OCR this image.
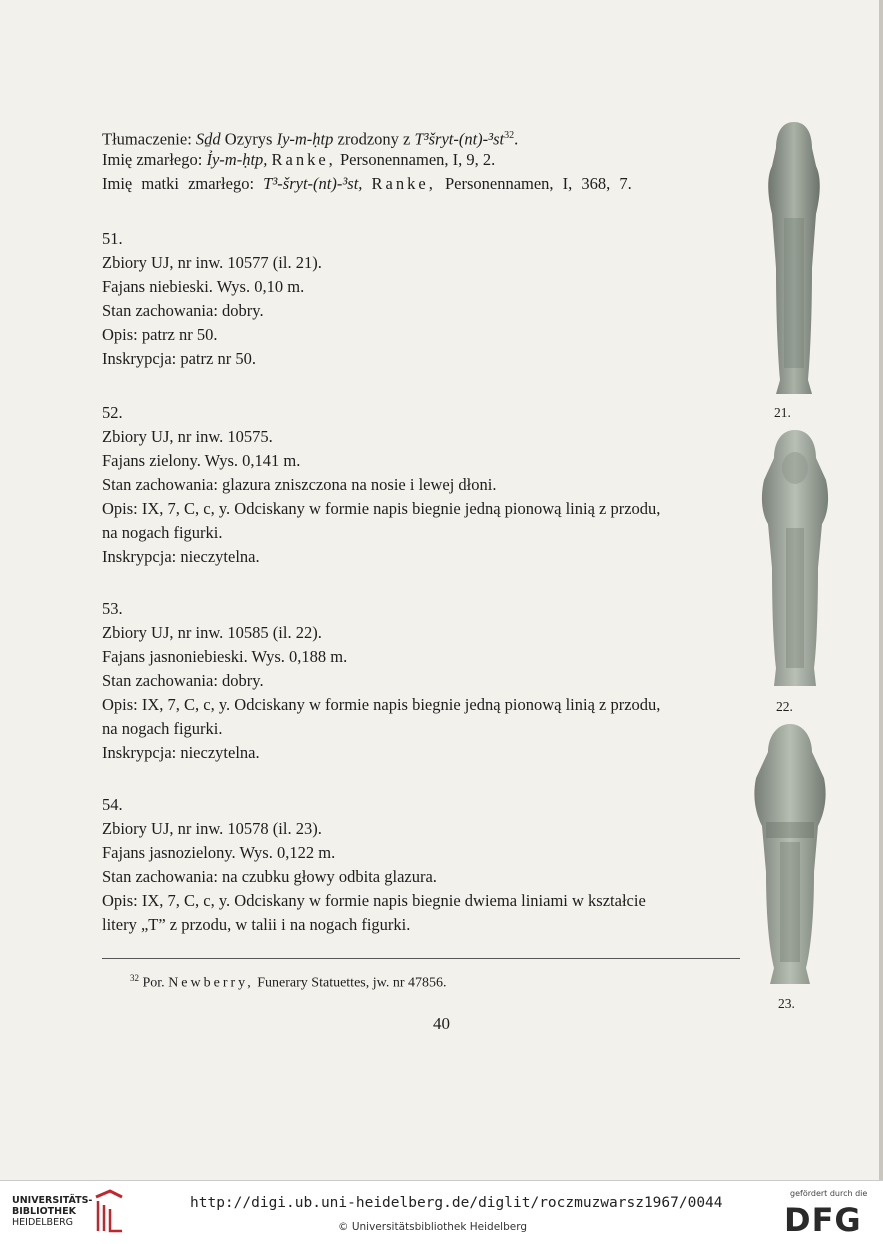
Tłumaczenie: Sḏd Ozyrys Iy-m-ḥtp zrodzony z T³šryt-$(nt)-^3st^{32}$.
Imię zmarłego: Ỉy-m-ḥtp, Ranke, Personennamen, I, 9, 2.
Imię matki zmarłego: T³-šryt-(nt)-³st, Ranke, Personennamen, I, 368, 7.
51.
Zbiory UJ, nr inw. 10577 (il. 21).
Fajans niebieski. Wys. 0,10 m.
Stan zachowania: dobry.
Opis: patrz nr 50.
Inskrypcja: patrz nr 50.
52.
Zbiory UJ, nr inw. 10575.
Fajans zielony. Wys. 0,141 m.
Stan zachowania: glazura zniszczona na nosie i lewej dłoni.
Opis: IX, 7, C, c, y. Odciskany w formie napis biegnie jedną pionową linią z przodu,
na nogach figurki.
Inskrypcja: nieczytelna.
53.
Zbiory UJ, nr inw. 10585 (il. 22).
Fajans jasnoniebieski. Wys. 0,188 m.
Stan zachowania: dobry.
Opis: IX, 7, C, c, y. Odciskany w formie napis biegnie jedną pionową linią z przodu,
na nogach figurki.
Inskrypcja: nieczytelna.
54.
Zbiory UJ, nr inw. 10578 (il. 23).
Fajans jasnozielony. Wys. 0,122 m.
Stan zachowania: na czubku głowy odbita glazura.
Opis: IX, 7, C, c, y. Odciskany w formie napis biegnie dwiema liniami w kształcie
litery „T” z przodu, w talii i na nogach figurki.
$^{32}$ Por. Newberry, Funerary Statuettes, jw. nr 47856.
40
21.
22.
23.
UNIVERSITÄTS-
BIBLIOTHEK
HEIDELBERG
http://digi.ub.uni-heidelberg.de/diglit/roczmuzwarsz1967/0044
© Universitätsbibliothek Heidelberg
gefördert durch die
DFG
